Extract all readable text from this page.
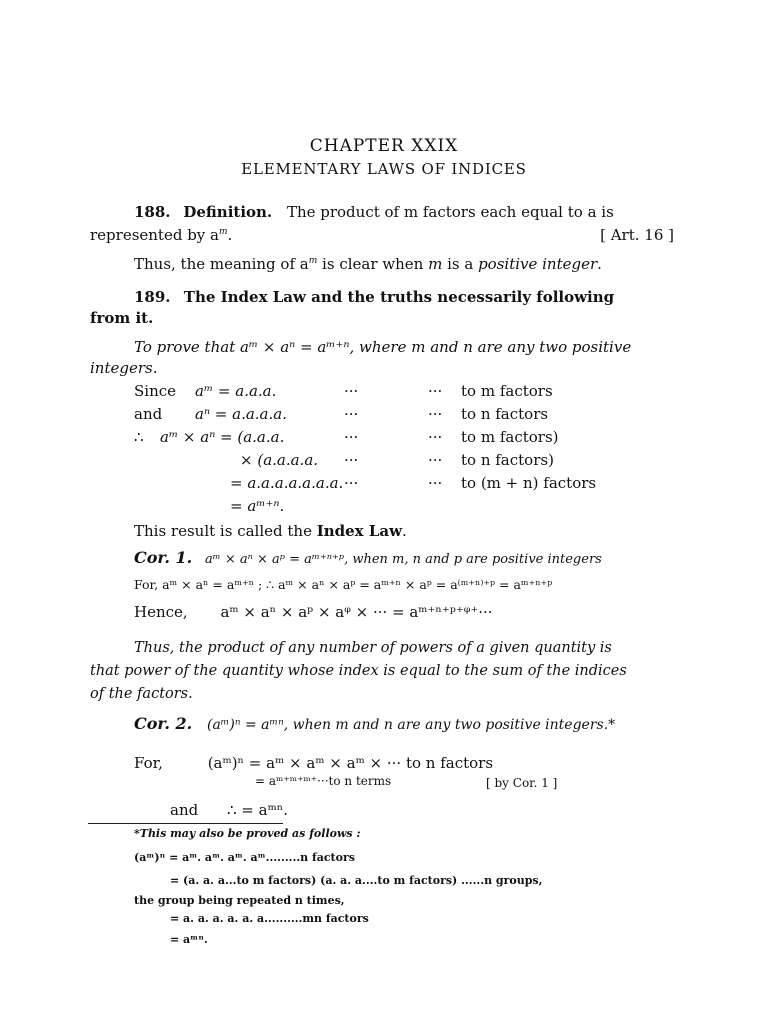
CHAPTER XXIX
ELEMENTARY LAWS OF INDICES
188. Definition. The product of m factors each equal to a is
represented by $a^m$.	[ Art. 16 ]
Thus, the meaning of $a^m$ is clear when m is a positive integer.
189. The Index Law and the truths necessarily following
from it.
To prove that aᵐ × aⁿ = aᵐ⁺ⁿ, where m and n are any two positive
integers.
Since aᵐ = a.a.a.	···	··· to m factors
and aⁿ = a.a.a.a.	···	··· to n factors
∴ aᵐ × aⁿ = (a.a.a.	···	··· to m factors)
× (a.a.a.a. ···	··· to n factors)
= a.a.a.a.a.a.a. ···	··· to (m + n) factors
= aᵐ⁺ⁿ.
This result is called the Index Law.
Cor. 1. aᵐ × aⁿ × aᵖ = aᵐ⁺ⁿ⁺ᵖ, when m, n and p are positive integers
For, aᵐ × aⁿ = aᵐ⁺ⁿ ; ∴ aᵐ × aⁿ × aᵖ = aᵐ⁺ⁿ × aᵖ = a⁽ᵐ⁺ⁿ⁾⁺ᵖ = aᵐ⁺ⁿ⁺ᵖ
Hence, aᵐ × aⁿ × aᵖ × aᵠ × ··· = aᵐ⁺ⁿ⁺ᵖ⁺ᵠ⁺···
Thus, the product of any number of powers of a given quantity is
that power of the quantity whose index is equal to the sum of the indices
of the factors.
Cor. 2. (aᵐ)ⁿ = aᵐⁿ, when m and n are any two positive integers.*
For,	(aᵐ)ⁿ = aᵐ × aᵐ × aᵐ × ··· to n factors
= aᵐ⁺ᵐ⁺ᵐ⁺···to n terms	[ by Cor. 1 ]
and ∴ = aᵐⁿ.
*This may also be proved as follows :
(aᵐ)ⁿ = aᵐ. aᵐ. aᵐ. aᵐ.........n factors
= (a. a. a...to m factors) (a. a. a....to m factors) ......n groups,
the group being repeated n times,
= a. a. a. a. a. a..........mn factors
= aᵐⁿ.
